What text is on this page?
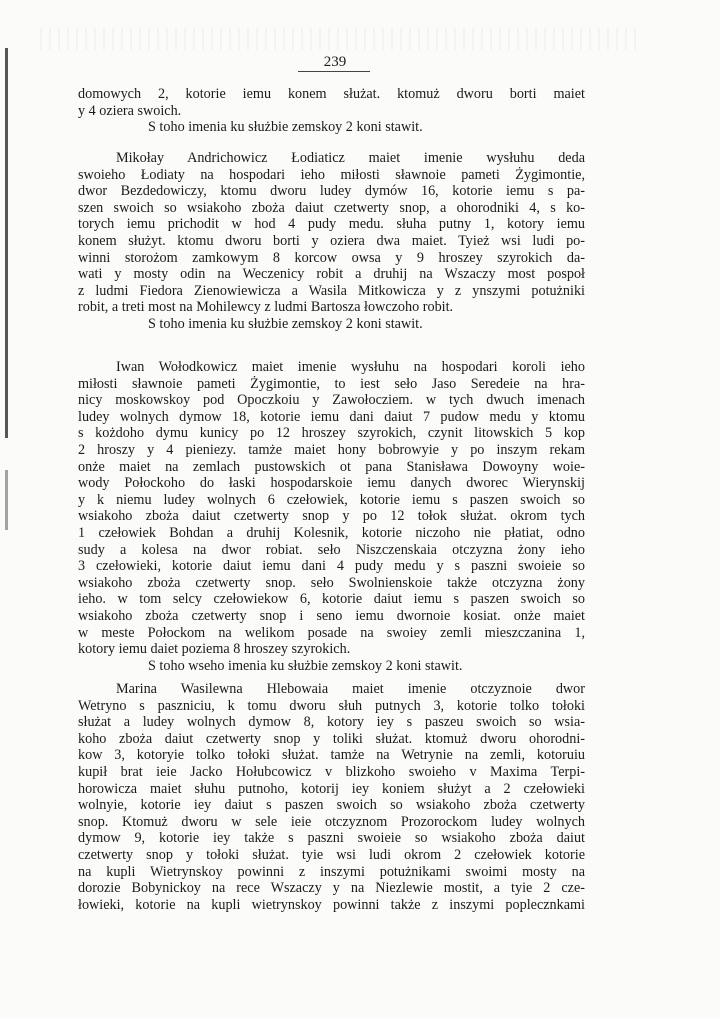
239
domowych 2, kotorie iemu konem służat. ktomuż dworu borti maiet
y 4 oziera swoich.
S toho imenia ku służbie zemskoy 2 koni stawit.
Mikołay Andrichowicz Łodiaticz maiet imenie wysłuhu deda
swoieho Łodiaty na hospodari ieho miłosti sławnoie pameti Żygimontie,
dwor Bezdedowiczy, ktomu dworu ludey dymów 16, kotorie iemu s pa-
szen swoich so wsiakoho zboża daiut czetwerty snop, a ohorodniki 4, s ko-
torych iemu prichodit w hod 4 pudy medu. słuha putny 1, kotory iemu
konem służyt. ktomu dworu borti y oziera dwa maiet. Tyież wsi ludi po-
winni storożom zamkowym 8 korcow owsa y 9 hroszey szyrokich da-
wati y mosty odin na Weczenicy robit a druhij na Wszaczy most pospoł
z ludmi Fiedora Zienowiewicza a Wasila Mitkowicza y z ynszymi potużniki
robit, a treti most na Mohilewcy z ludmi Bartosza łowczoho robit.
S toho imenia ku służbie zemskoy 2 koni stawit.
Iwan Wołodkowicz maiet imenie wysłuhu na hospodari koroli ieho
miłosti sławnoie pameti Żygimontie, to iest seło Jaso Seredeie na hra-
nicy moskowskoy pod Opoczkoiu y Zawołocziem. w tych dwuch imenach
ludey wolnych dymow 18, kotorie iemu dani daiut 7 pudow medu y ktomu
s kożdoho dymu kunicy po 12 hroszey szyrokich, czynit litowskich 5 kop
2 hroszy y 4 pieniezy. tamże maiet hony bobrowyie y po inszym rekam
onże maiet na zemlach pustowskich ot pana Stanisława Dowoyny woie-
wody Połockoho do łaski hospodarskoie iemu danych dworec Wierynskij
y k niemu ludey wolnych 6 czełowiek, kotorie iemu s paszen swoich so
wsiakoho zboża daiut czetwerty snop y po 12 tołok służat. okrom tych
1 czełowiek Bohdan a druhij Kolesnik, kotorie niczoho nie płatiat, odno
sudy a kolesa na dwor robiat. seło Niszczenskaia otczyzna żony ieho
3 czełowieki, kotorie daiut iemu dani 4 pudy medu y s paszni swoieie so
wsiakoho zboża czetwerty snop. seło Swolnienskoie także otczyzna żony
ieho. w tom selcy czełowiekow 6, kotorie daiut iemu s paszen swoich so
wsiakoho zboża czetwerty snop i seno iemu dwornoie kosiat. onże maiet
w meste Połockom na welikom posade na swoiey zemli mieszczanina 1,
kotory iemu daiet poziema 8 hroszey szyrokich.
S toho wseho imenia ku służbie zemskoy 2 koni stawit.
Marina Wasilewna Hlebowaia maiet imenie otczyznoie dwor
Wetryno s paszniciu, k tomu dworu słuh putnych 3, kotorie tolko tołoki
służat a ludey wolnych dymow 8, kotory iey s paszeu swoich so wsia-
koho zboża daiut czetwerty snop y toliki służat. ktomuż dworu ohorodni-
kow 3, kotoryie tolko tołoki służat. tamże na Wetrynie na zemli, kotoruiu
kupił brat ieie Jacko Hołubcowicz v blizkoho swoieho v Maxima Terpi-
horowicza maiet słuhu putnoho, kotorij iey koniem służyt a 2 czełowieki
wolnyie, kotorie iey daiut s paszen swoich so wsiakoho zboża czetwerty
snop. Ktomuż dworu w sele ieie otczyznom Prozorockom ludey wolnych
dymow 9, kotorie iey także s paszni swoieie so wsiakoho zboża daiut
czetwerty snop y tołoki służat. tyie wsi ludi okrom 2 czełowiek kotorie
na kupli Wietrynskoy powinni z inszymi potużnikami swoimi mosty na
dorozie Bobynickoy na rece Wszaczy y na Niezlewie mostit, a tyie 2 cze-
łowieki, kotorie na kupli wietrynskoy powinni także z inszymi poplecznkami
